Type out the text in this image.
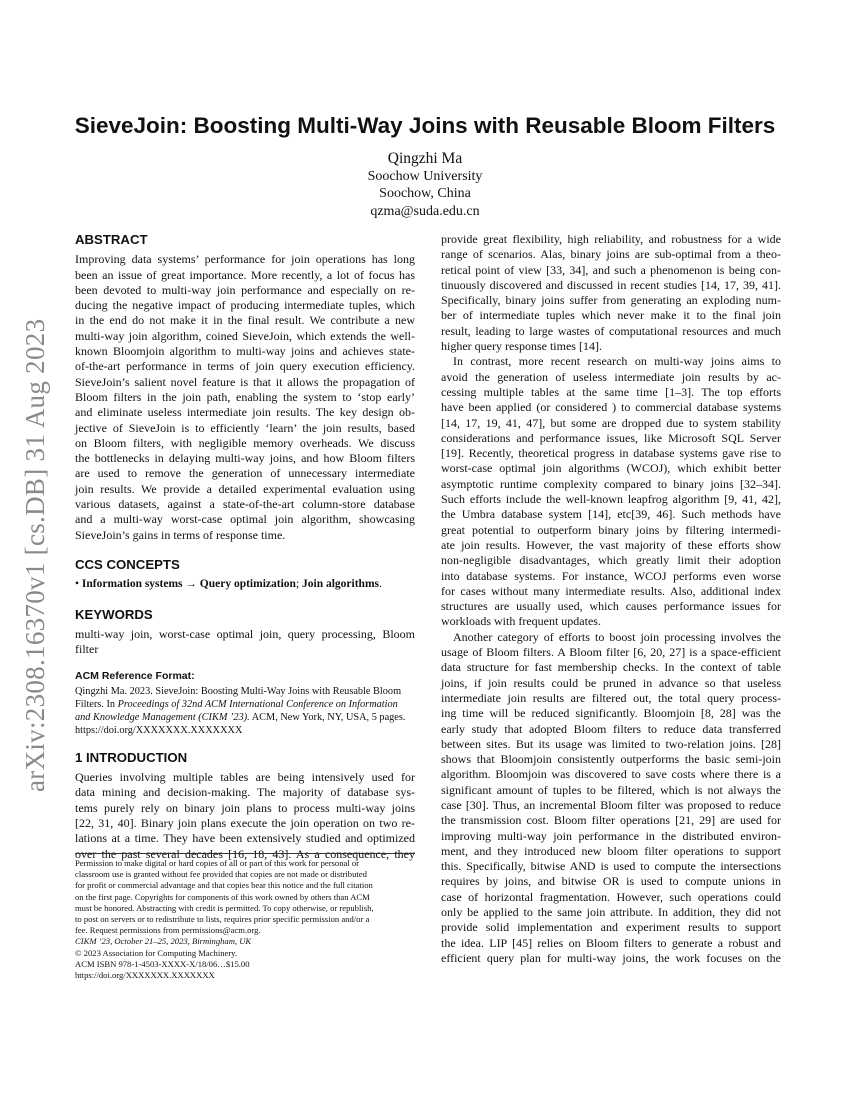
arXiv:2308.16370v1 [cs.DB] 31 Aug 2023
SieveJoin: Boosting Multi-Way Joins with Reusable Bloom Filters
Qingzhi Ma
Soochow University
Soochow, China
qzma@suda.edu.cn
ABSTRACT

Improving data systems’ performance for join operations has long
been an issue of great importance. More recently, a lot of focus has
been devoted to multi-way join performance and especially on re-
ducing the negative impact of producing intermediate tuples, which
in the end do not make it in the final result. We contribute a new
multi-way join algorithm, coined SieveJoin, which extends the well-
known Bloomjoin algorithm to multi-way joins and achieves state-
of-the-art performance in terms of join query execution efficiency.
SieveJoin’s salient novel feature is that it allows the propagation of
Bloom filters in the join path, enabling the system to ‘stop early’
and eliminate useless intermediate join results. The key design ob-
jective of SieveJoin is to efficiently ‘learn’ the join results, based
on Bloom filters, with negligible memory overheads. We discuss
the bottlenecks in delaying multi-way joins, and how Bloom filters
are used to remove the generation of unnecessary intermediate
join results. We provide a detailed experimental evaluation using
various datasets, against a state-of-the-art column-store database
and a multi-way worst-case optimal join algorithm, showcasing
SieveJoin’s gains in terms of response time.

CCS CONCEPTS

• Information systems → Query optimization; Join algorithms.

KEYWORDS

multi-way join, worst-case optimal join, query processing, Bloom
filter

ACM Reference Format:

Qingzhi Ma. 2023. SieveJoin: Boosting Multi-Way Joins with Reusable Bloom
Filters. In Proceedings of 32nd ACM International Conference on Information
and Knowledge Management (CIKM ’23). ACM, New York, NY, USA, 5 pages.
https://doi.org/XXXXXXX.XXXXXXX

1 INTRODUCTION

Queries involving multiple tables are being intensively used for
data mining and decision-making. The majority of database sys-
tems purely rely on binary join plans to process multi-way joins
[22, 31, 40]. Binary join plans execute the join operation on two re-
lations at a time. They have been extensively studied and optimized
over the past several decades [16, 18, 43]. As a consequence, they

Permission to make digital or hard copies of all or part of this work for personal or
classroom use is granted without fee provided that copies are not made or distributed
for profit or commercial advantage and that copies bear this notice and the full citation
on the first page. Copyrights for components of this work owned by others than ACM
must be honored. Abstracting with credit is permitted. To copy otherwise, or republish,
to post on servers or to redistribute to lists, requires prior specific permission and/or a
fee. Request permissions from permissions@acm.org.

CIKM ’23, October 21–25, 2023, Birmingham, UK

© 2023 Association for Computing Machinery.

ACM ISBN 978-1-4503-XXXX-X/18/06…$15.00

https://doi.org/XXXXXXX.XXXXXXX

provide great flexibility, high reliability, and robustness for a wide
range of scenarios. Alas, binary joins are sub-optimal from a theo-
retical point of view [33, 34], and such a phenomenon is being con-
tinuously discovered and discussed in recent studies [14, 17, 39, 41].
Specifically, binary joins suffer from generating an exploding num-
ber of intermediate tuples which never make it to the final join
result, leading to large wastes of computational resources and much
higher query response times [14].

In contrast, more recent research on multi-way joins aims to
avoid the generation of useless intermediate join results by ac-
cessing multiple tables at the same time [1–3]. The top efforts
have been applied (or considered ) to commercial database systems
[14, 17, 19, 41, 47], but some are dropped due to system stability
considerations and performance issues, like Microsoft SQL Server
[19]. Recently, theoretical progress in database systems gave rise to
worst-case optimal join algorithms (WCOJ), which exhibit better
asymptotic runtime complexity compared to binary joins [32–34].
Such efforts include the well-known leapfrog algorithm [9, 41, 42],
the Umbra database system [14], etc[39, 46]. Such methods have
great potential to outperform binary joins by filtering intermedi-
ate join results. However, the vast majority of these efforts show
non-negligible disadvantages, which greatly limit their adoption
into database systems. For instance, WCOJ performs even worse
for cases without many intermediate results. Also, additional index
structures are usually used, which causes performance issues for
workloads with frequent updates.

Another category of efforts to boost join processing involves the
usage of Bloom filters. A Bloom filter [6, 20, 27] is a space-efficient
data structure for fast membership checks. In the context of table
joins, if join results could be pruned in advance so that useless
intermediate join results are filtered out, the total query process-
ing time will be reduced significantly. Bloomjoin [8, 28] was the
early study that adopted Bloom filters to reduce data transferred
between sites. But its usage was limited to two-relation joins. [28]
shows that Bloomjoin consistently outperforms the basic semi-join
algorithm. Bloomjoin was discovered to save costs where there is a
significant amount of tuples to be filtered, which is not always the
case [30]. Thus, an incremental Bloom filter was proposed to reduce
the transmission cost. Bloom filter operations [21, 29] are used for
improving multi-way join performance in the distributed environ-
ment, and they introduced new bloom filter operations to support
this. Specifically, bitwise AND is used to compute the intersections
requires by joins, and bitwise OR is used to compute unions in
case of horizontal fragmentation. However, such operations could
only be applied to the same join attribute. In addition, they did not
provide solid implementation and experiment results to support
the idea. LIP [45] relies on Bloom filters to generate a robust and
efficient query plan for multi-way joins, the work focuses on the
